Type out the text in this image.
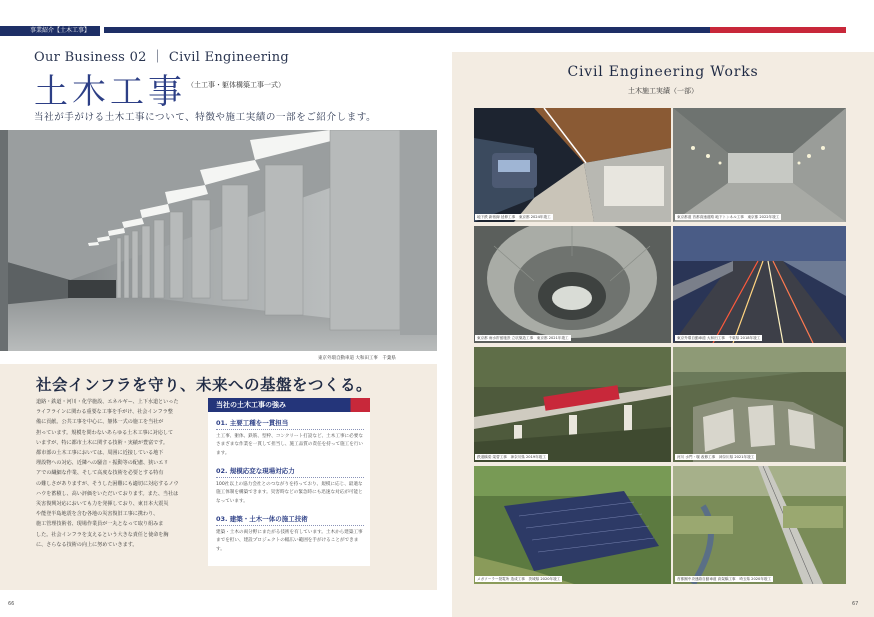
事業紹介【土木工事】
Our Business 02 ｜ Civil Engineering
土木工事 （土工事・躯体構築工事一式）
当社が手がける土木工事について、特徴や施工実績の一部をご紹介します。
東京外環自動車道 大和田工事　千葉県
社会インフラを守り、未来への基盤をつくる。
道路・鉄道・河川・化学施設、エネルギー、上下水道といった
ライフラインに関わる重要な工事を手がけ、社会インフラ整
備に貢献。公共工事を中心に、躯体一式の施工を当社が
担っています。規模を問わないあらゆる土木工事に対応して
いますが、特に都市土木に関する技術・実績が豊富です。
都市部の土木工事においては、周囲に近接している地下
埋設物への対応、近隣への騒音・振動等の配慮、狭いエリ
アでの繊細な作業、そして高度な技術を必要とする特有
の難しさがありますが、そうした困難にも適切に対応するノウ
ハウを蓄積し、高い評価をいただいております。また、当社は
災害復興対応においても力を発揮しており、東日本大震災
や能登半島地震を含む各地の災害復旧工事に携わり、
施工管理技術者、現場作業員が一丸となって取り組みま
した。社会インフラを支えるという大きな責任と使命を胸
に、さらなる技術の向上に努めていきます。
当社の土木工事の強み
01. 主要工種を一貫担当
土工事、躯体、鉄筋、型枠、コンクリート打設など、土木工事に必要なさまざまな作業を一貫して担当し、施工品質の責任を持って施工を行います。
02. 規模応変な現場対応力
100社以上の協力会社とのつながりを持っており、規模に応じ、最適な施工体制を構築できます。災害時などの緊急時にも迅速な対応が可能となっています。
03. 建築・土木一体の施工技術
建築・土木の両分野にまたがる技術を有しています。土木から建築工事までを担い、建設プロジェクトの幅広い範囲を手がけることができます。
66
Civil Engineering Works
土木施工実績（一部）
地下鉄 新宿線 延伸工事　東京都 2024年竣工	東京都道 首都高速道路 地下トンネル工事　東京都 2022年竣工
東京都 雨水貯留施設 立坑築造工事　東京都 2021年竣工	東京外環自動車道 大和田工事　千葉県 2018年竣工
鉄道橋梁 架替工事　神奈川県 2019年竣工	河川 水門・堰 改修工事　神奈川県 2021年竣工
メガソーラー発電所 造成工事　茨城県 2020年竣工	首都圏中央連絡自動車道 高架橋工事　埼玉県 2020年竣工
67
